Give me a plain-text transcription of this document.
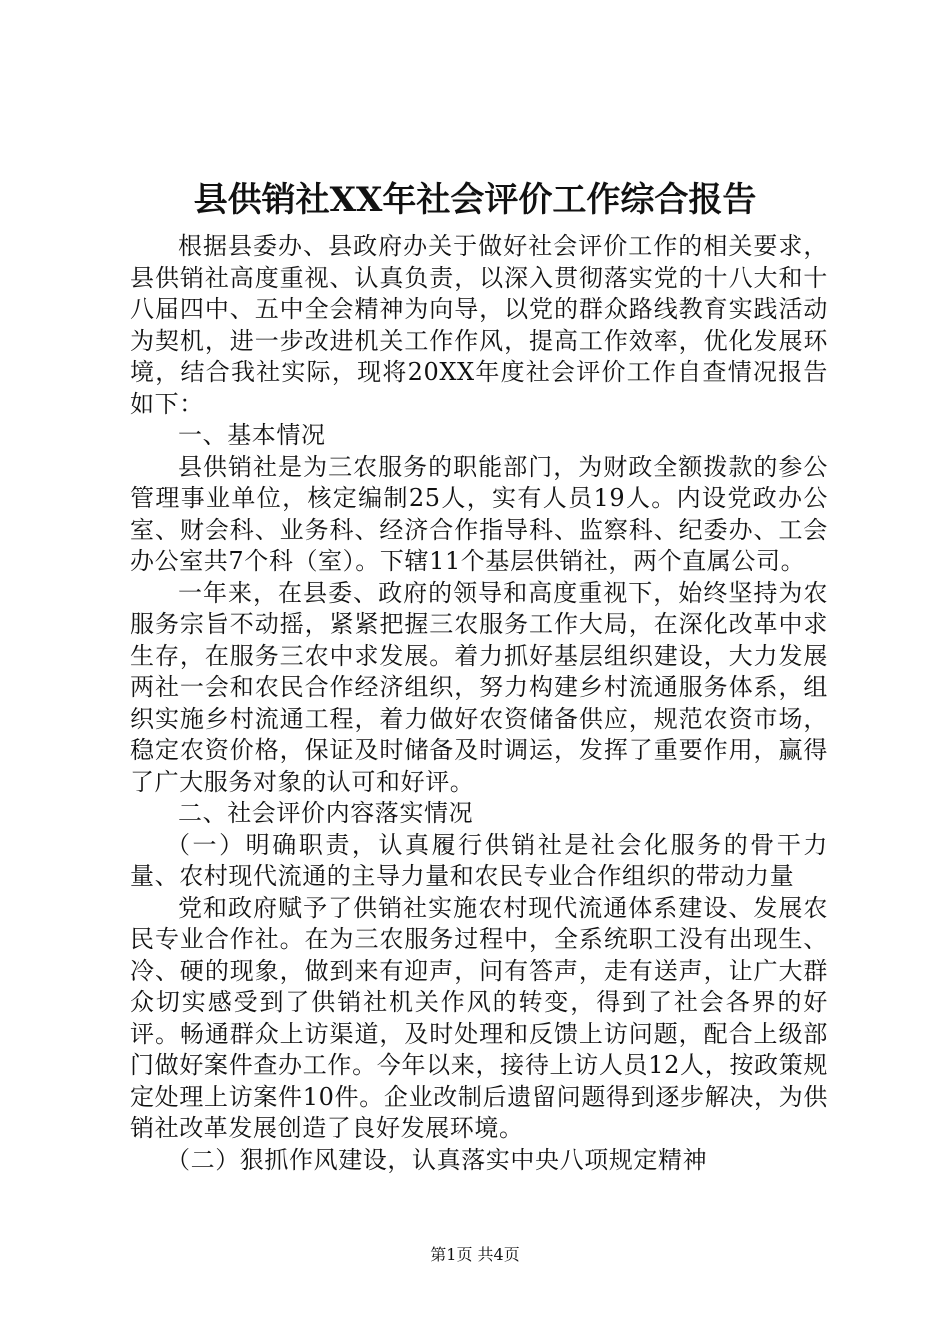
县供销社XX年社会评价工作综合报告

根据县委办、县政府办关于做好社会评价工作的相关要求，县供销社高度重视、认真负责，以深入贯彻落实党的十八大和十八届四中、五中全会精神为向导，以党的群众路线教育实践活动为契机，进一步改进机关工作作风，提高工作效率，优化发展环境，结合我社实际，现将20XX年度社会评价工作自查情况报告如下：

一、基本情况

县供销社是为三农服务的职能部门，为财政全额拨款的参公管理事业单位，核定编制25人，实有人员19人。内设党政办公室、财会科、业务科、经济合作指导科、监察科、纪委办、工会办公室共7个科（室）。下辖11个基层供销社，两个直属公司。

一年来，在县委、政府的领导和高度重视下，始终坚持为农服务宗旨不动摇，紧紧把握三农服务工作大局，在深化改革中求生存，在服务三农中求发展。着力抓好基层组织建设，大力发展两社一会和农民合作经济组织，努力构建乡村流通服务体系，组织实施乡村流通工程，着力做好农资储备供应，规范农资市场，稳定农资价格，保证及时储备及时调运，发挥了重要作用，赢得了广大服务对象的认可和好评。

二、社会评价内容落实情况

（一）明确职责，认真履行供销社是社会化服务的骨干力量、农村现代流通的主导力量和农民专业合作组织的带动力量

党和政府赋予了供销社实施农村现代流通体系建设、发展农民专业合作社。在为三农服务过程中，全系统职工没有出现生、冷、硬的现象，做到来有迎声，问有答声，走有送声，让广大群众切实感受到了供销社机关作风的转变，得到了社会各界的好评。畅通群众上访渠道，及时处理和反馈上访问题，配合上级部门做好案件查办工作。今年以来，接待上访人员12人，按政策规定处理上访案件10件。企业改制后遗留问题得到逐步解决，为供销社改革发展创造了良好发展环境。

（二）狠抓作风建设，认真落实中央八项规定精神

第1页 共4页
